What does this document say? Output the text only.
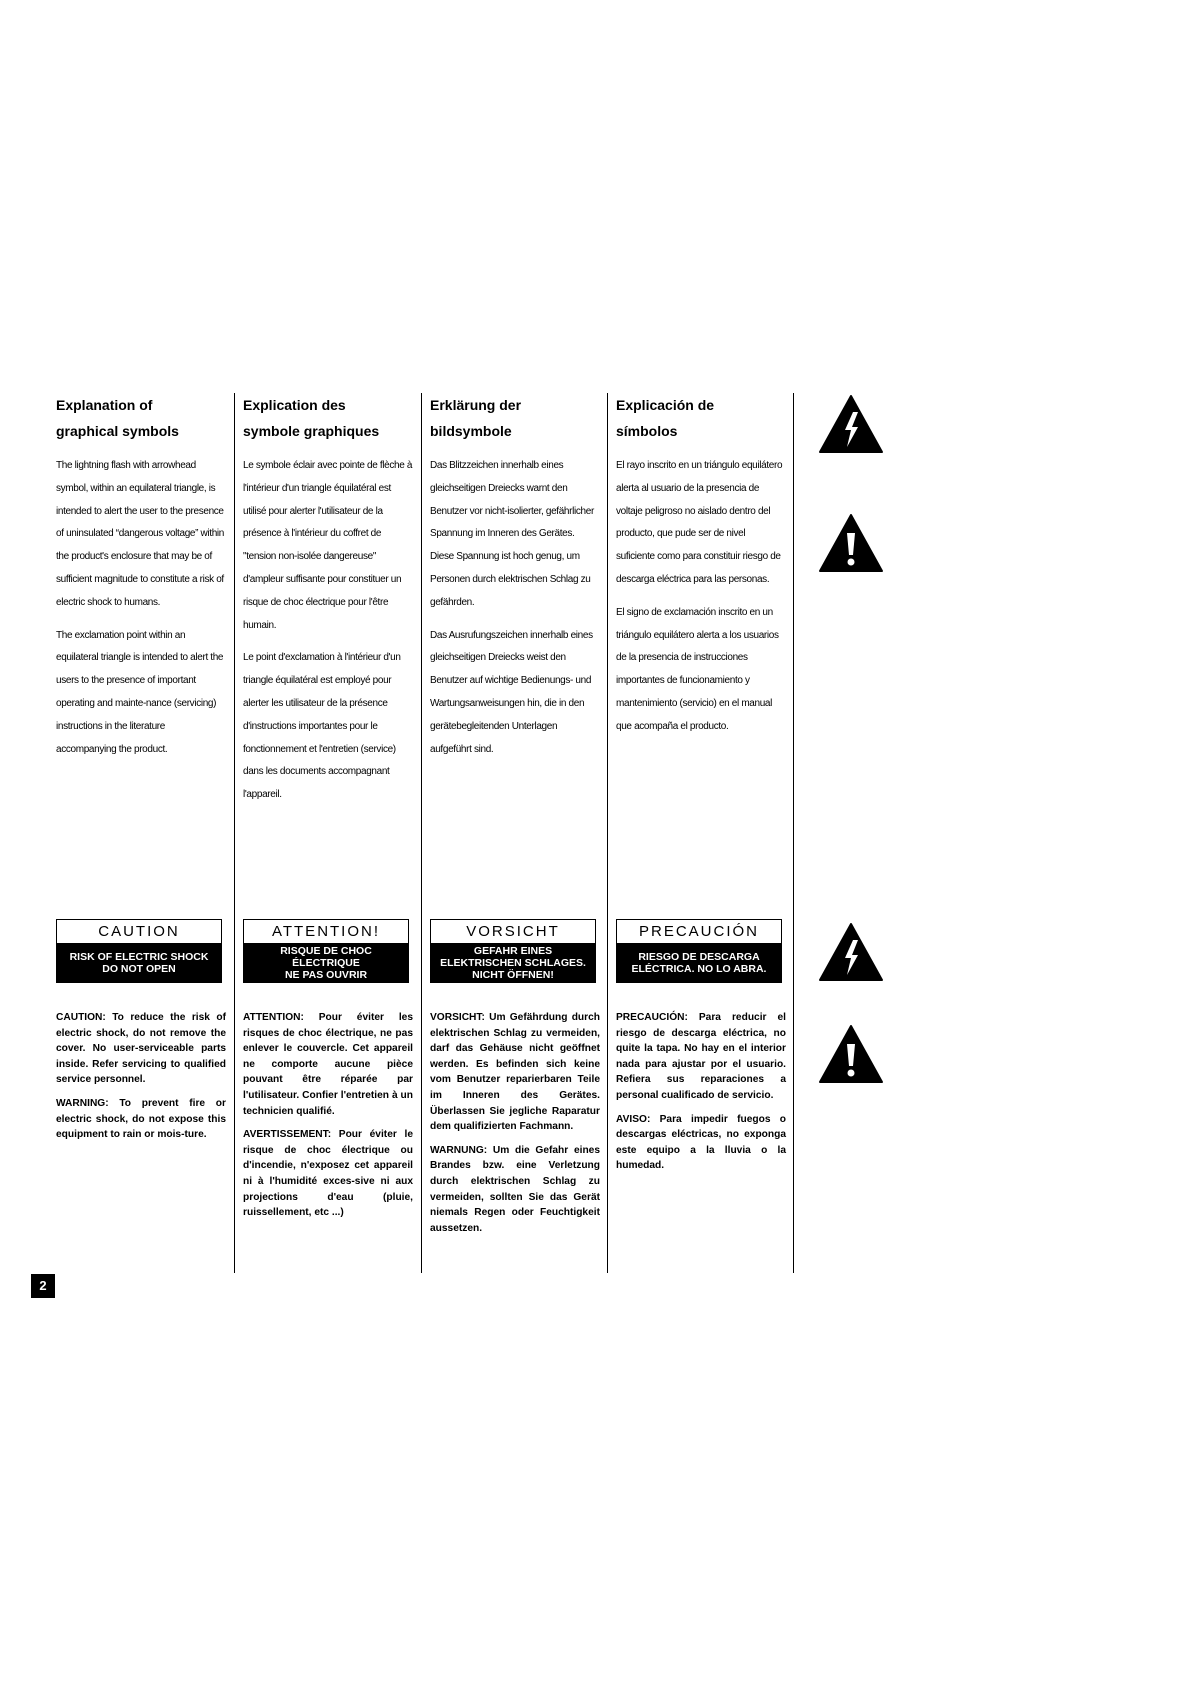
Explanation of
graphical symbols

The lightning flash with arrowhead symbol, within an equilateral triangle, is intended to alert the user to the presence of uninsulated “dangerous voltage” within the product's enclosure that may be of sufficient magnitude to constitute a risk of electric shock to humans.

The exclamation point within an equilateral triangle is intended to alert the users to the presence of important operating and mainte-nance (servicing) instructions in the literature accompanying the product.

CAUTION
RISK OF ELECTRIC SHOCK
DO NOT OPEN

CAUTION: To reduce the risk of electric shock, do not remove the cover. No user-serviceable parts inside. Refer servicing to qualified service personnel.

WARNING: To prevent fire or electric shock, do not expose this equipment to rain or mois-ture.

Explication des
symbole graphiques

Le symbole éclair avec pointe de flèche à l'intérieur d'un triangle équilatéral est utilisé pour alerter l'utilisateur de la présence à l'intérieur du coffret de "tension non-isolée dangereuse" d'ampleur suffisante pour constituer un risque de choc électrique pour l'être humain.

Le point d'exclamation à l'intérieur d'un triangle équilatéral est employé pour alerter les utilisateur de la présence d'instructions importantes pour le fonctionnement et l'entretien (service) dans les documents accompagnant l'appareil.

ATTENTION!
RISQUE DE CHOC
ÉLECTRIQUE
NE PAS OUVRIR

ATTENTION: Pour éviter les risques de choc électrique, ne pas enlever le couvercle. Cet appareil ne comporte aucune pièce pouvant être réparée par l'utilisateur. Confier l'entretien à un technicien qualifié.

AVERTISSEMENT: Pour éviter le risque de choc électrique ou d'incendie, n'exposez cet appareil ni à l'humidité exces-sive ni aux projections d'eau (pluie, ruissellement, etc ...)

Erklärung der
bildsymbole

Das Blitzzeichen innerhalb eines gleichseitigen Dreiecks warnt den Benutzer vor nicht-isolierter, gefährlicher Spannung im Inneren des Gerätes. Diese Spannung ist hoch genug, um Personen durch elektrischen Schlag zu gefährden.

Das Ausrufungszeichen innerhalb eines gleichseitigen Dreiecks weist den Benutzer auf wichtige Bedienungs- und Wartungsanweisungen hin, die in den gerätebegleitenden Unterlagen aufgeführt sind.

VORSICHT
GEFAHR EINES
ELEKTRISCHEN SCHLAGES.
NICHT ÖFFNEN!

VORSICHT: Um Gefährdung durch elektrischen Schlag zu vermeiden, darf das Gehäuse nicht geöffnet werden. Es befinden sich keine vom Benutzer reparierbaren Teile im Inneren des Gerätes. Überlassen Sie jegliche Raparatur dem qualifizierten Fachmann.

WARNUNG: Um die Gefahr eines Brandes bzw. eine Verletzung durch elektrischen Schlag zu vermeiden, sollten Sie das Gerät niemals Regen oder Feuchtigkeit aussetzen.

Explicación de
símbolos

El rayo inscrito en un triángulo equilátero alerta al usuario de la presencia de voltaje peligroso no aislado dentro del producto, que pude ser de nivel suficiente como para constituir riesgo de descarga eléctrica para las personas.

El signo de exclamación inscrito en un triángulo equilátero alerta a los usuarios de la presencia de instrucciones importantes de funcionamiento y mantenimiento (servicio) en el manual que acompaña el producto.

PRECAUCIÓN
RIESGO DE DESCARGA
ELÉCTRICA. NO LO ABRA.

PRECAUCIÓN: Para reducir el riesgo de descarga eléctrica, no quite la tapa. No hay en el interior nada para ajustar por el usuario. Refiera sus reparaciones a personal cualificado de servicio.

AVISO: Para impedir fuegos o descargas eléctricas, no exponga este equipo a la lluvia o la humedad.

2
